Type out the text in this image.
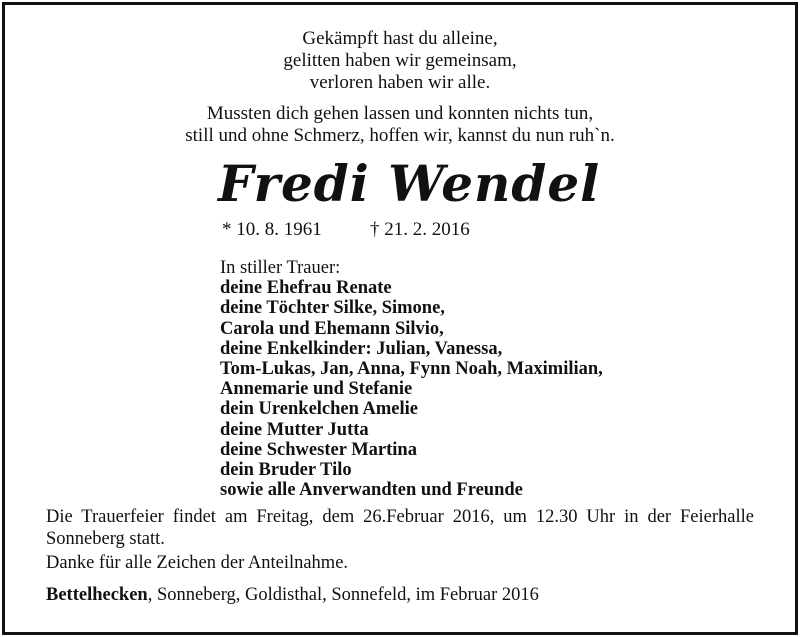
Gekämpft hast du alleine,
gelitten haben wir gemeinsam,
verloren haben wir alle.
Mussten dich gehen lassen und konnten nichts tun,
still und ohne Schmerz, hoffen wir, kannst du nun ruh`n.
Fredi Wendel
* 10. 8. 1961	† 21. 2. 2016
In stiller Trauer:
deine Ehefrau Renate
deine Töchter Silke, Simone,
Carola und Ehemann Silvio,
deine Enkelkinder: Julian, Vanessa,
Tom-Lukas, Jan, Anna, Fynn Noah, Maximilian,
Annemarie und Stefanie
dein Urenkelchen Amelie
deine Mutter Jutta
deine Schwester Martina
dein Bruder Tilo
sowie alle Anverwandten und Freunde
Die Trauerfeier findet am Freitag, dem 26.Februar 2016, um 12.30 Uhr in der Feierhalle Sonneberg statt.
Danke für alle Zeichen der Anteilnahme.
Bettelhecken, Sonneberg, Goldisthal, Sonnefeld, im Februar 2016
